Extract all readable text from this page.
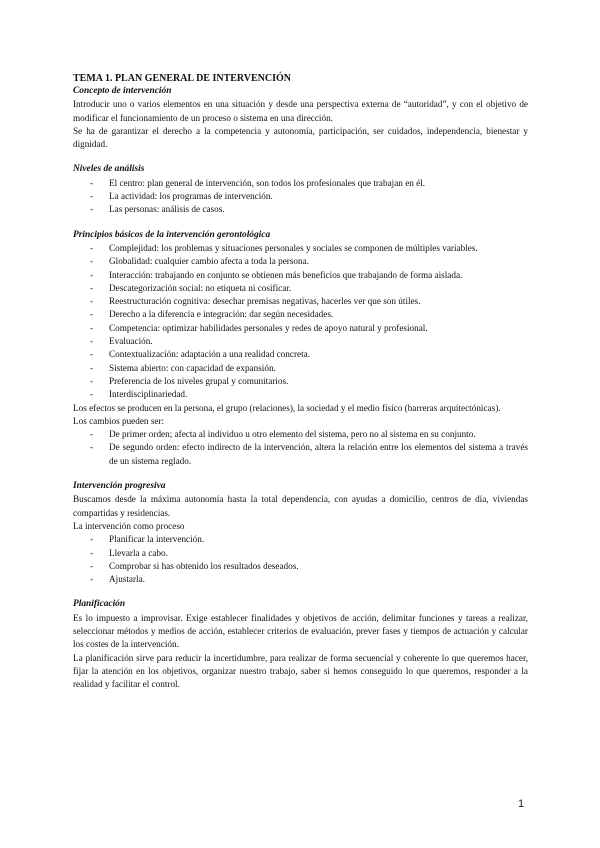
TEMA 1. PLAN GENERAL DE INTERVENCIÓN
Concepto de intervención

Introducir uno o varios elementos en una situación y desde una perspectiva externa de “autoridad”, y con el objetivo de modificar el funcionamiento de un proceso o sistema en una dirección.

Se ha de garantizar el derecho a la competencia y autonomía, participación, ser cuidados, independencia, bienestar y dignidad.

Niveles de análisis
- El centro: plan general de intervención, son todos los profesionales que trabajan en él.
- La actividad: los programas de intervención.
- Las personas: análisis de casos.
Principios básicos de la intervención gerontológica
- Complejidad: los problemas y situaciones personales y sociales se componen de múltiples variables.
- Globalidad: cualquier cambio afecta a toda la persona.
- Interacción: trabajando en conjunto se obtienen más beneficios que trabajando de forma aislada.
- Descategorización social: no etiqueta ni cosificar.
- Reestructuración cognitiva: desechar premisas negativas, hacerles ver que son útiles.
- Derecho a la diferencia e integración: dar según necesidades.
- Competencia: optimizar habilidades personales y redes de apoyo natural y profesional.
- Evaluación.
- Contextualización: adaptación a una realidad concreta.
- Sistema abierto: con capacidad de expansión.
- Preferencia de los niveles grupal y comunitarios.
- Interdisciplinariedad.

Los efectos se producen en la persona, el grupo (relaciones), la sociedad y el medio físico (barreras arquitectónicas).

Los cambios pueden ser:

- De primer orden; afecta al individuo u otro elemento del sistema, pero no al sistema en su conjunto.
- De segundo orden: efecto indirecto de la intervención, altera la relación entre los elementos del sistema a través de un sistema reglado.
Intervención progresiva

Buscamos desde la máxima autonomía hasta la total dependencia, con ayudas a domicilio, centros de día, viviendas compartidas y residencias.

La intervención como proceso

- Planificar la intervención.
- Llevarla a cabo.
- Comprobar si has obtenido los resultados deseados.
- Ajustarla.
Planificación

Es lo impuesto a improvisar. Exige establecer finalidades y objetivos de acción, delimitar funciones y tareas a realizar, seleccionar métodos y medios de acción, establecer criterios de evaluación, prever fases y tiempos de actuación y calcular los costes de la intervención.

La planificación sirve para reducir la incertidumbre, para realizar de forma secuencial y coherente lo que queremos hacer, fijar la atención en los objetivos, organizar nuestro trabajo, saber si hemos conseguido lo que queremos, responder a la realidad y facilitar el control.

1
